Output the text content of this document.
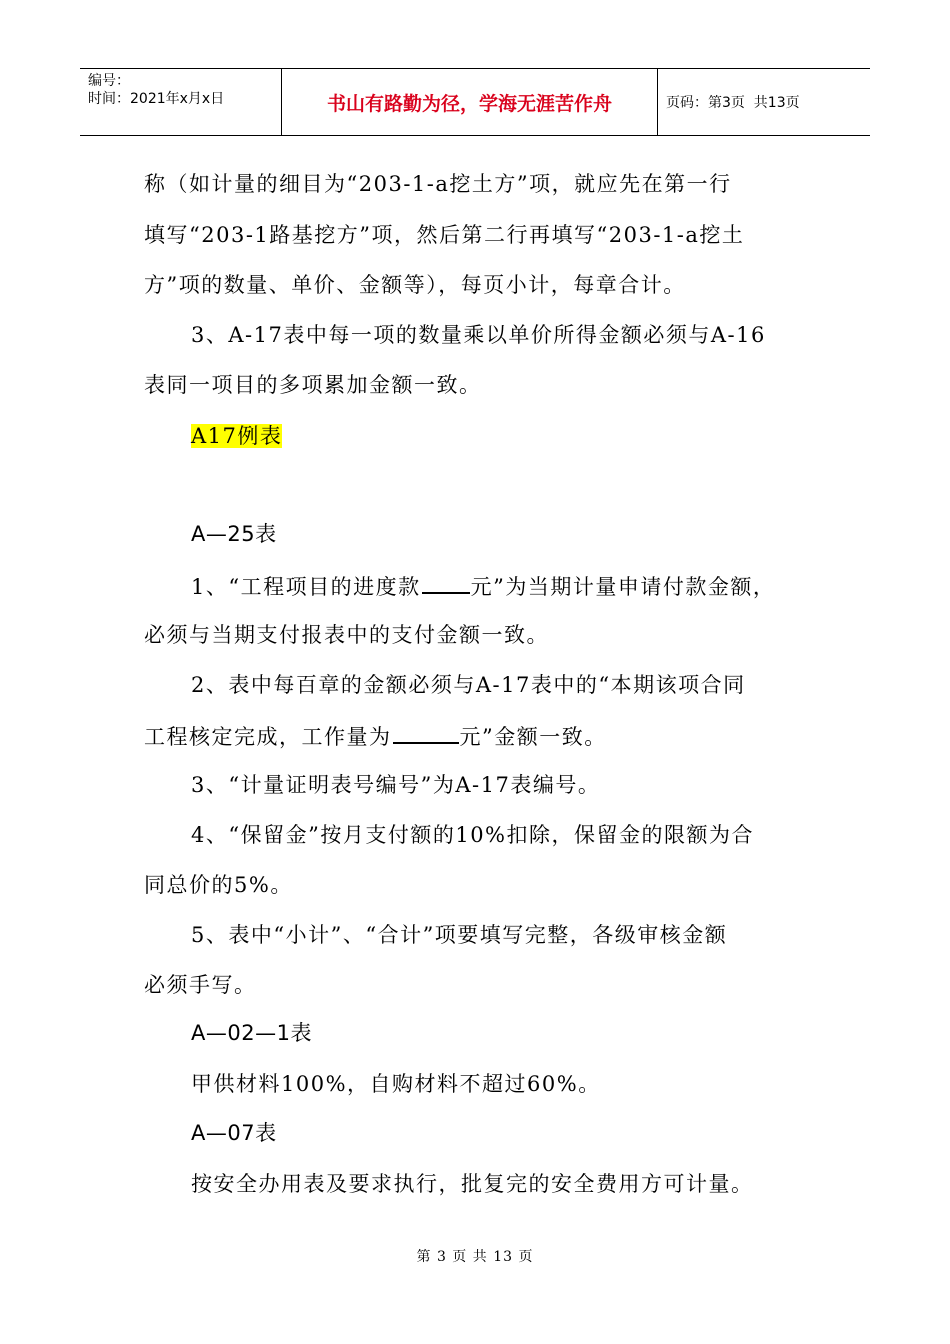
编号：
时间：2021年x月x日	书山有路勤为径，学海无涯苦作舟	页码：第3页  共13页
称（如计量的细目为“203-1-a挖土方”项，就应先在第一行
填写“203-1路基挖方”项，然后第二行再填写“203-1-a挖土
方”项的数量、单价、金额等），每页小计，每章合计。
3、A-17表中每一项的数量乘以单价所得金额必须与A-16
表同一项目的多项累加金额一致。
A17例表
A—25表
1、“工程项目的进度款 元”为当期计量申请付款金额，
必须与当期支付报表中的支付金额一致。
2、表中每百章的金额必须与A-17表中的“本期该项合同
工程核定完成，工作量为	元”金额一致。
3、“计量证明表号编号”为A-17表编号。
4、“保留金”按月支付额的10%扣除，保留金的限额为合
同总价的5%。
5、表中“小计”、“合计”项要填写完整，各级审核金额
必须手写。
A—02—1表
甲供材料100%，自购材料不超过60%。
A—07表
按安全办用表及要求执行，批复完的安全费用方可计量。
第 3 页 共 13 页
